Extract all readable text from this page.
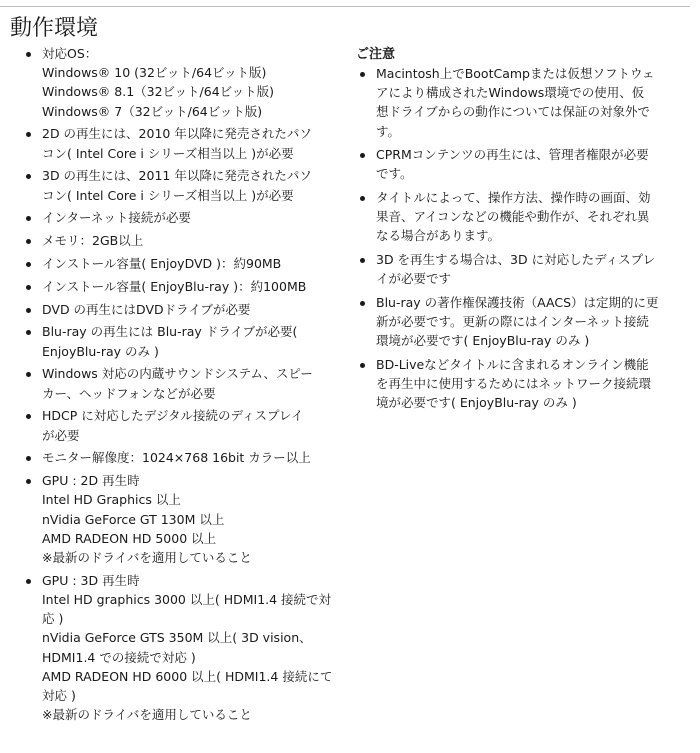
動作環境
対応OS：
Windows® 10 (32ビット/64ビット版)
Windows® 8.1（32ビット/64ビット版)
Windows® 7（32ビット/64ビット版)
2D の再生には、2010 年以降に発売されたパソ
コン( Intel Core i シリーズ相当以上 )が必要
3D の再生には、2011 年以降に発売されたパソ
コン( Intel Core i シリーズ相当以上 )が必要
インターネット接続が必要
メモリ：2GB以上
インストール容量( EnjoyDVD )：約90MB
インストール容量( EnjoyBlu-ray )：約100MB
DVD の再生にはDVDドライブが必要
Blu-ray の再生には Blu-ray ドライブが必要(
EnjoyBlu-ray のみ )
Windows 対応の内蔵サウンドシステム、スピー
カー、ヘッドフォンなどが必要
HDCP に対応したデジタル接続のディスプレイ
が必要
モニター解像度：1024×768 16bit カラー以上
GPU : 2D 再生時
Intel HD Graphics 以上
nVidia GeForce GT 130M 以上
AMD RADEON HD 5000 以上
※最新のドライバを適用していること
GPU : 3D 再生時
Intel HD graphics 3000 以上( HDMI1.4 接続で対
応 )
nVidia GeForce GTS 350M 以上( 3D vision、
HDMI1.4 での接続で対応 )
AMD RADEON HD 6000 以上( HDMI1.4 接続にて
対応 )
※最新のドライバを適用していること
ご注意
Macintosh上でBootCampまたは仮想ソフトウェ
アにより構成されたWindows環境での使用、仮
想ドライブからの動作については保証の対象外で
す。
CPRMコンテンツの再生には、管理者権限が必要
です。
タイトルによって、操作方法、操作時の画面、効
果音、アイコンなどの機能や動作が、それぞれ異
なる場合があります。
3D を再生する場合は、3D に対応したディスプレ
イが必要です
Blu-ray の著作権保護技術（AACS）は定期的に更
新が必要です。更新の際にはインターネット接続
環境が必要です( EnjoyBlu-ray のみ )
BD-Liveなどタイトルに含まれるオンライン機能
を再生中に使用するためにはネットワーク接続環
境が必要です( EnjoyBlu-ray のみ )
